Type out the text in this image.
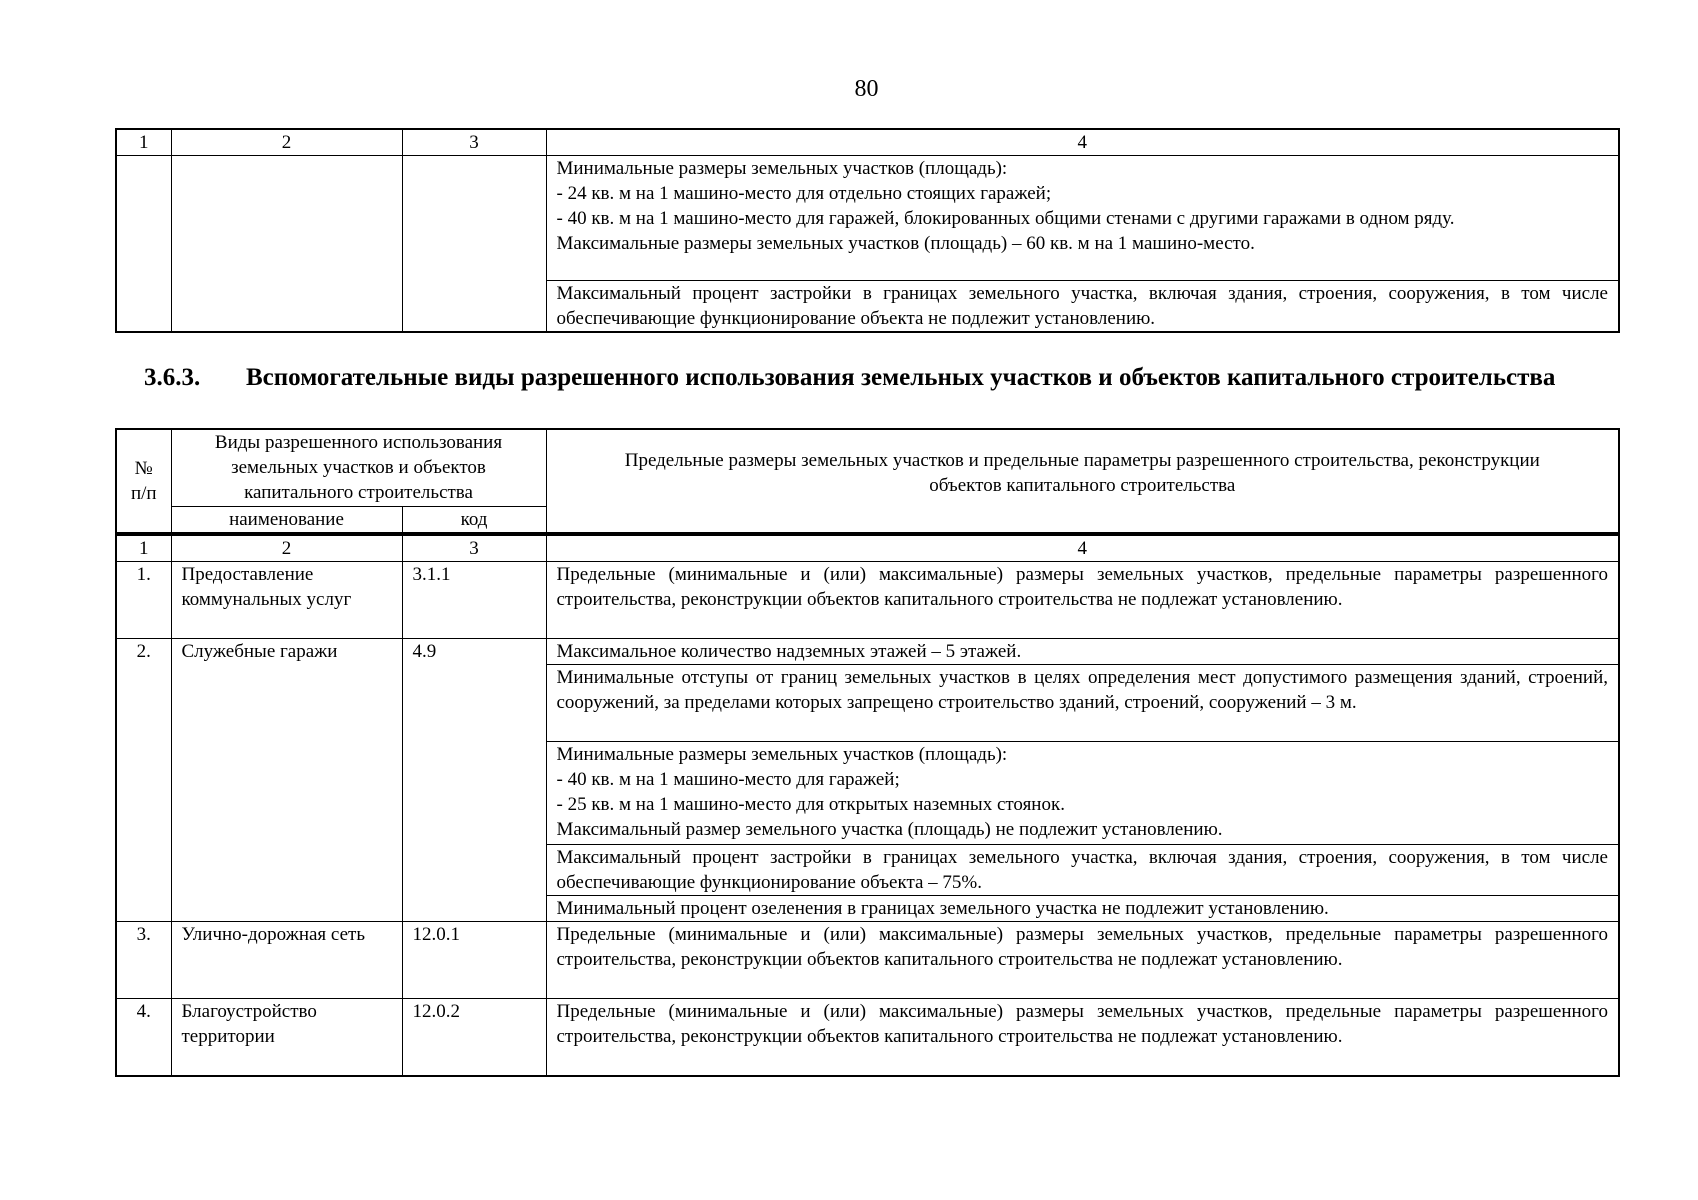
80
1	2	3	4

			Минимальные размеры земельных участков (площадь):
- 24 кв. м на 1 машино-место для отдельно стоящих гаражей;
- 40 кв. м на 1 машино-место для гаражей, блокированных общими стенами с другими гаражами в одном ряду.
Максимальные размеры земельных участков (площадь) – 60 кв. м на 1 машино-место.

			Максимальный процент застройки в границах земельного участка, включая здания, строения, сооружения, в том числе обеспечивающие функционирование объекта не подлежит установлению.
3.6.3. Вспомогательные виды разрешенного использования земельных участков и объектов капитального строительства
№
п/п	Виды разрешенного использования земельных участков и объектов капитального строительства		Предельные размеры земельных участков и предельные параметры разрешенного строительства, реконструкции объектов капитального строительства

	наименование	код	
1	2	3	4

1.	Предоставление коммунальных услуг	3.1.1	Предельные (минимальные и (или) максимальные) размеры земельных участков, предельные параметры разрешенного строительства, реконструкции объектов капитального строительства не подлежат установлению.

2.	Служебные гаражи	4.9	Максимальное количество надземных этажей – 5 этажей.

			Минимальные отступы от границ земельных участков в целях определения мест допустимого размещения зданий, строений, сооружений, за пределами которых запрещено строительство зданий, строений, сооружений – 3 м.

			Минимальные размеры земельных участков (площадь):
- 40 кв. м на 1 машино-место для гаражей;
- 25 кв. м на 1 машино-место для открытых наземных стоянок.
Максимальный размер земельного участка (площадь) не подлежит установлению.

			Максимальный процент застройки в границах земельного участка, включая здания, строения, сооружения, в том числе обеспечивающие функционирование объекта – 75%.

			Минимальный процент озеленения в границах земельного участка не подлежит установлению.

3.	Улично-дорожная сеть	12.0.1	Предельные (минимальные и (или) максимальные) размеры земельных участков, предельные параметры разрешенного строительства, реконструкции объектов капитального строительства не подлежат установлению.

4.	Благоустройство территории	12.0.2	Предельные (минимальные и (или) максимальные) размеры земельных участков, предельные параметры разрешенного строительства, реконструкции объектов капитального строительства не подлежат установлению.
